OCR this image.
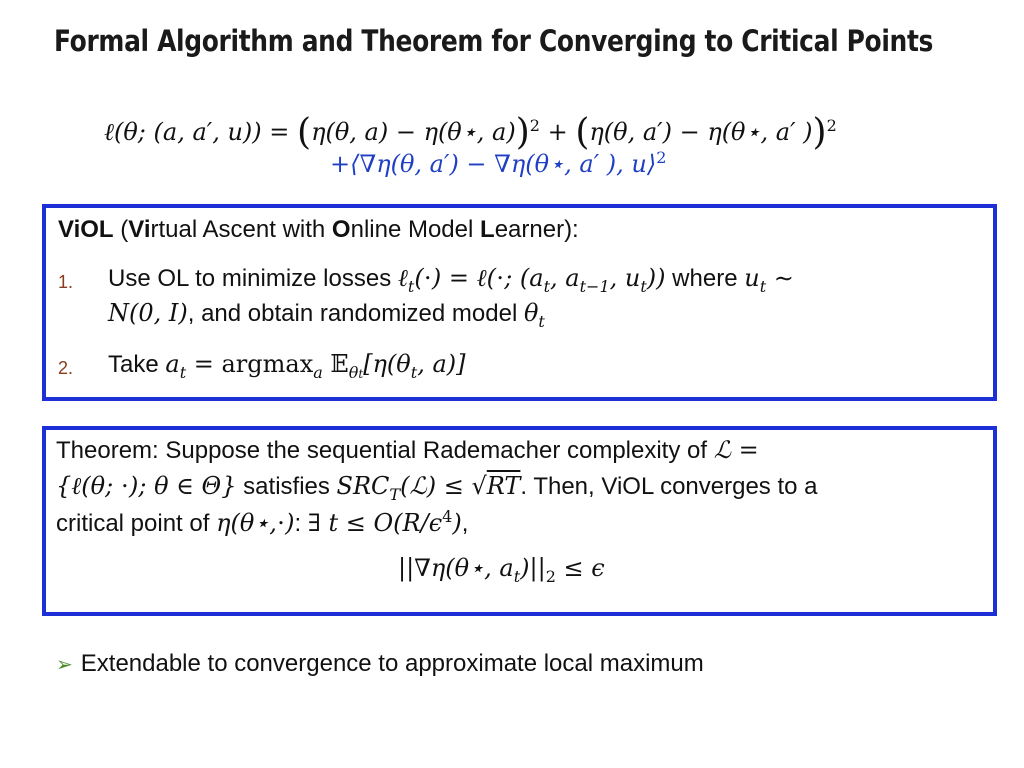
Formal Algorithm and Theorem for Converging to Critical Points
ℓ(θ; (a, a′, u)) = (η(θ, a) − η(θ⋆, a))$^2$ + (η(θ, a′) − η(θ⋆, a′ ))$^2$
+⟨∇η(θ, a′) − ∇η(θ⋆, a′ ), u⟩$^2$
ViOL (Virtual Ascent with Online Model Learner):
1. Use OL to minimize losses ℓ$_t$(⋅) = ℓ(⋅; ($a_t$, $a_{t-1}$, $u_t$)) where $u_t$ ∼
N(0, I), and obtain randomized model $\theta_t$
2. Take $a_t = argmax_a$ $𝔼_{\theta t}[\eta(\theta_t$, a)]
Theorem: Suppose the sequential Rademacher complexity of ℒ =
{ℓ(θ; ⋅); θ ∈ Θ} satisfies $SRC_T(ℒ) \le √RT$. Then, ViOL converges to a
critical point of η(θ⋆,⋅): ∃ $t \le O(R/\epsilon^4)$,
||∇η(θ⋆, $a_t)||_2 \le \epsilon$
➢ Extendable to convergence to approximate local maximum
